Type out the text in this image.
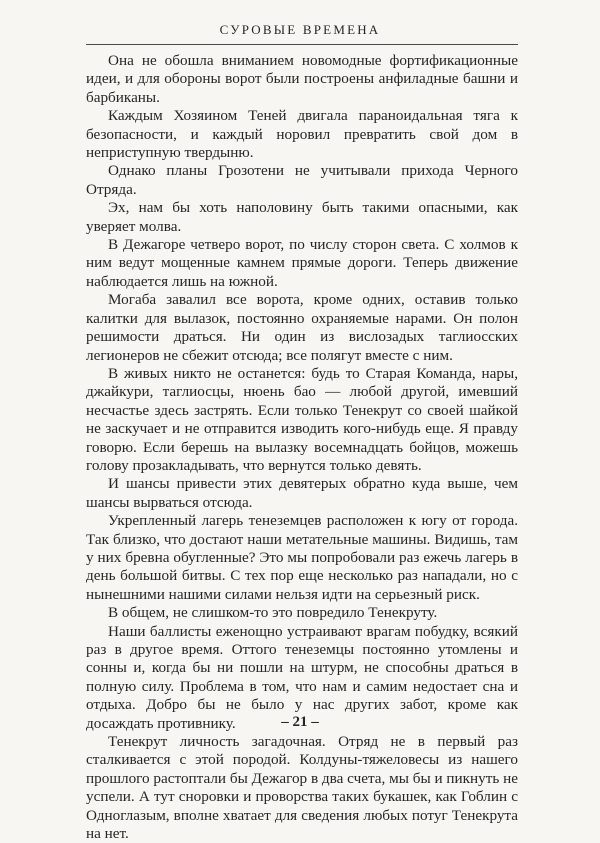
СУРОВЫЕ ВРЕМЕНА

Она не обошла вниманием новомодные фортификационные идеи, и для обороны ворот были построены анфиладные башни и барбиканы.

Каждым Хозяином Теней двигала параноидальная тяга к безопасности, и каждый норовил превратить свой дом в неприступную твердыню.

Однако планы Грозотени не учитывали прихода Черного Отряда.

Эх, нам бы хоть наполовину быть такими опасными, как уверяет молва.

В Дежагоре четверо ворот, по числу сторон света. С холмов к ним ведут мощенные камнем прямые дороги. Теперь движение наблюдается лишь на южной.

Могаба завалил все ворота, кроме одних, оставив только калитки для вылазок, постоянно охраняемые нарами. Он полон решимости драться. Ни один из вислозадых таглиосских легионеров не сбежит отсюда; все полягут вместе с ним.

В живых никто не останется: будь то Старая Команда, нары, джайкури, таглиосцы, нюень бао — любой другой, имевший несчастье здесь застрять. Если только Тенекрут со своей шайкой не заскучает и не отправится изводить кого-нибудь еще. Я правду говорю. Если берешь на вылазку восемнадцать бойцов, можешь голову прозакладывать, что вернутся только девять.

И шансы привести этих девятерых обратно куда выше, чем шансы вырваться отсюда.

Укрепленный лагерь тенеземцев расположен к югу от города. Так близко, что достают наши метательные машины. Видишь, там у них бревна обугленные? Это мы попробовали раз ежечь лагерь в день большой битвы. С тех пор еще несколько раз нападали, но с нынешними нашими силами нельзя идти на серьезный риск.

В общем, не слишком-то это повредило Тенекруту.

Наши баллисты еженощно устраивают врагам побудку, всякий раз в другое время. Оттого тенеземцы постоянно утомлены и сонны и, когда бы ни пошли на штурм, не способны драться в полную силу. Проблема в том, что нам и самим недостает сна и отдыха. Добро бы не было у нас других забот, кроме как досаждать противнику.

Тенекрут личность загадочная. Отряд не в первый раз сталкивается с этой породой. Колдуны-тяжеловесы из нашего прошлого растоптали бы Дежагор в два счета, мы бы и пикнуть не успели. А тут сноровки и проворства таких букашек, как Гоблин с Одноглазым, вполне хватает для сведения любых потуг Тенекрута на нет.

– 21 –
